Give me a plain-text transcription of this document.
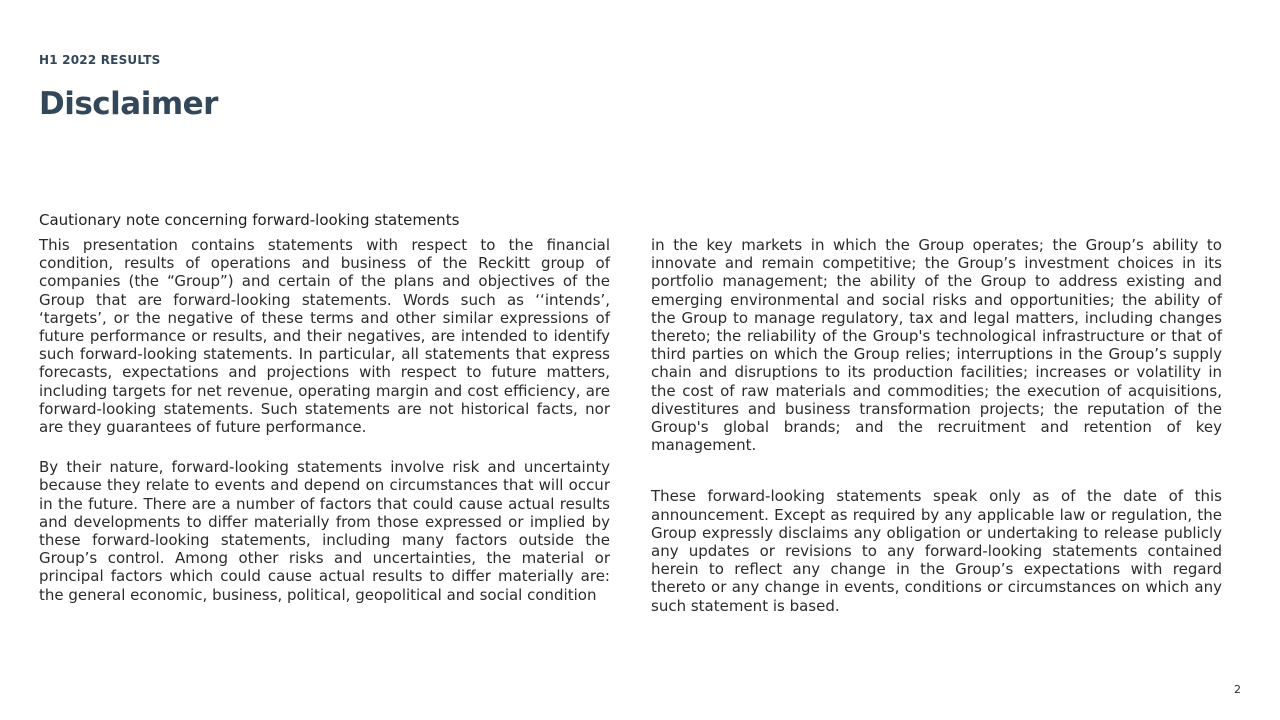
H1 2022 RESULTS
Disclaimer
Cautionary note concerning forward-looking statements

This presentation contains statements with respect to the financial condition, results of operations and business of the Reckitt group of companies (the “Group”) and certain of the plans and objectives of the Group that are forward-looking statements. Words such as ‘‘intends’, ‘targets’, or the negative of these terms and other similar expressions of future performance or results, and their negatives, are intended to identify such forward-looking statements. In particular, all statements that express forecasts, expectations and projections with respect to future matters, including targets for net revenue, operating margin and cost efficiency, are forward-looking statements. Such statements are not historical facts, nor are they guarantees of future performance.

By their nature, forward-looking statements involve risk and uncertainty because they relate to events and depend on circumstances that will occur in the future. There are a number of factors that could cause actual results and developments to differ materially from those expressed or implied by these forward-looking statements, including many factors outside the Group’s control. Among other risks and uncertainties, the material or principal factors which could cause actual results to differ materially are: the general economic, business, political, geopolitical and social condition

in the key markets in which the Group operates; the Group’s ability to innovate and remain competitive; the Group’s investment choices in its portfolio management; the ability of the Group to address existing and emerging environmental and social risks and opportunities; the ability of the Group to manage regulatory, tax and legal matters, including changes thereto; the reliability of the Group's technological infrastructure or that of third parties on which the Group relies; interruptions in the Group’s supply chain and disruptions to its production facilities; increases or volatility in the cost of raw materials and commodities; the execution of acquisitions, divestitures and business transformation projects; the reputation of the Group's global brands; and the recruitment and retention of key management.

These forward-looking statements speak only as of the date of this announcement. Except as required by any applicable law or regulation, the Group expressly disclaims any obligation or undertaking to release publicly any updates or revisions to any forward-looking statements contained herein to reflect any change in the Group’s expectations with regard thereto or any change in events, conditions or circumstances on which any such statement is based.

2
